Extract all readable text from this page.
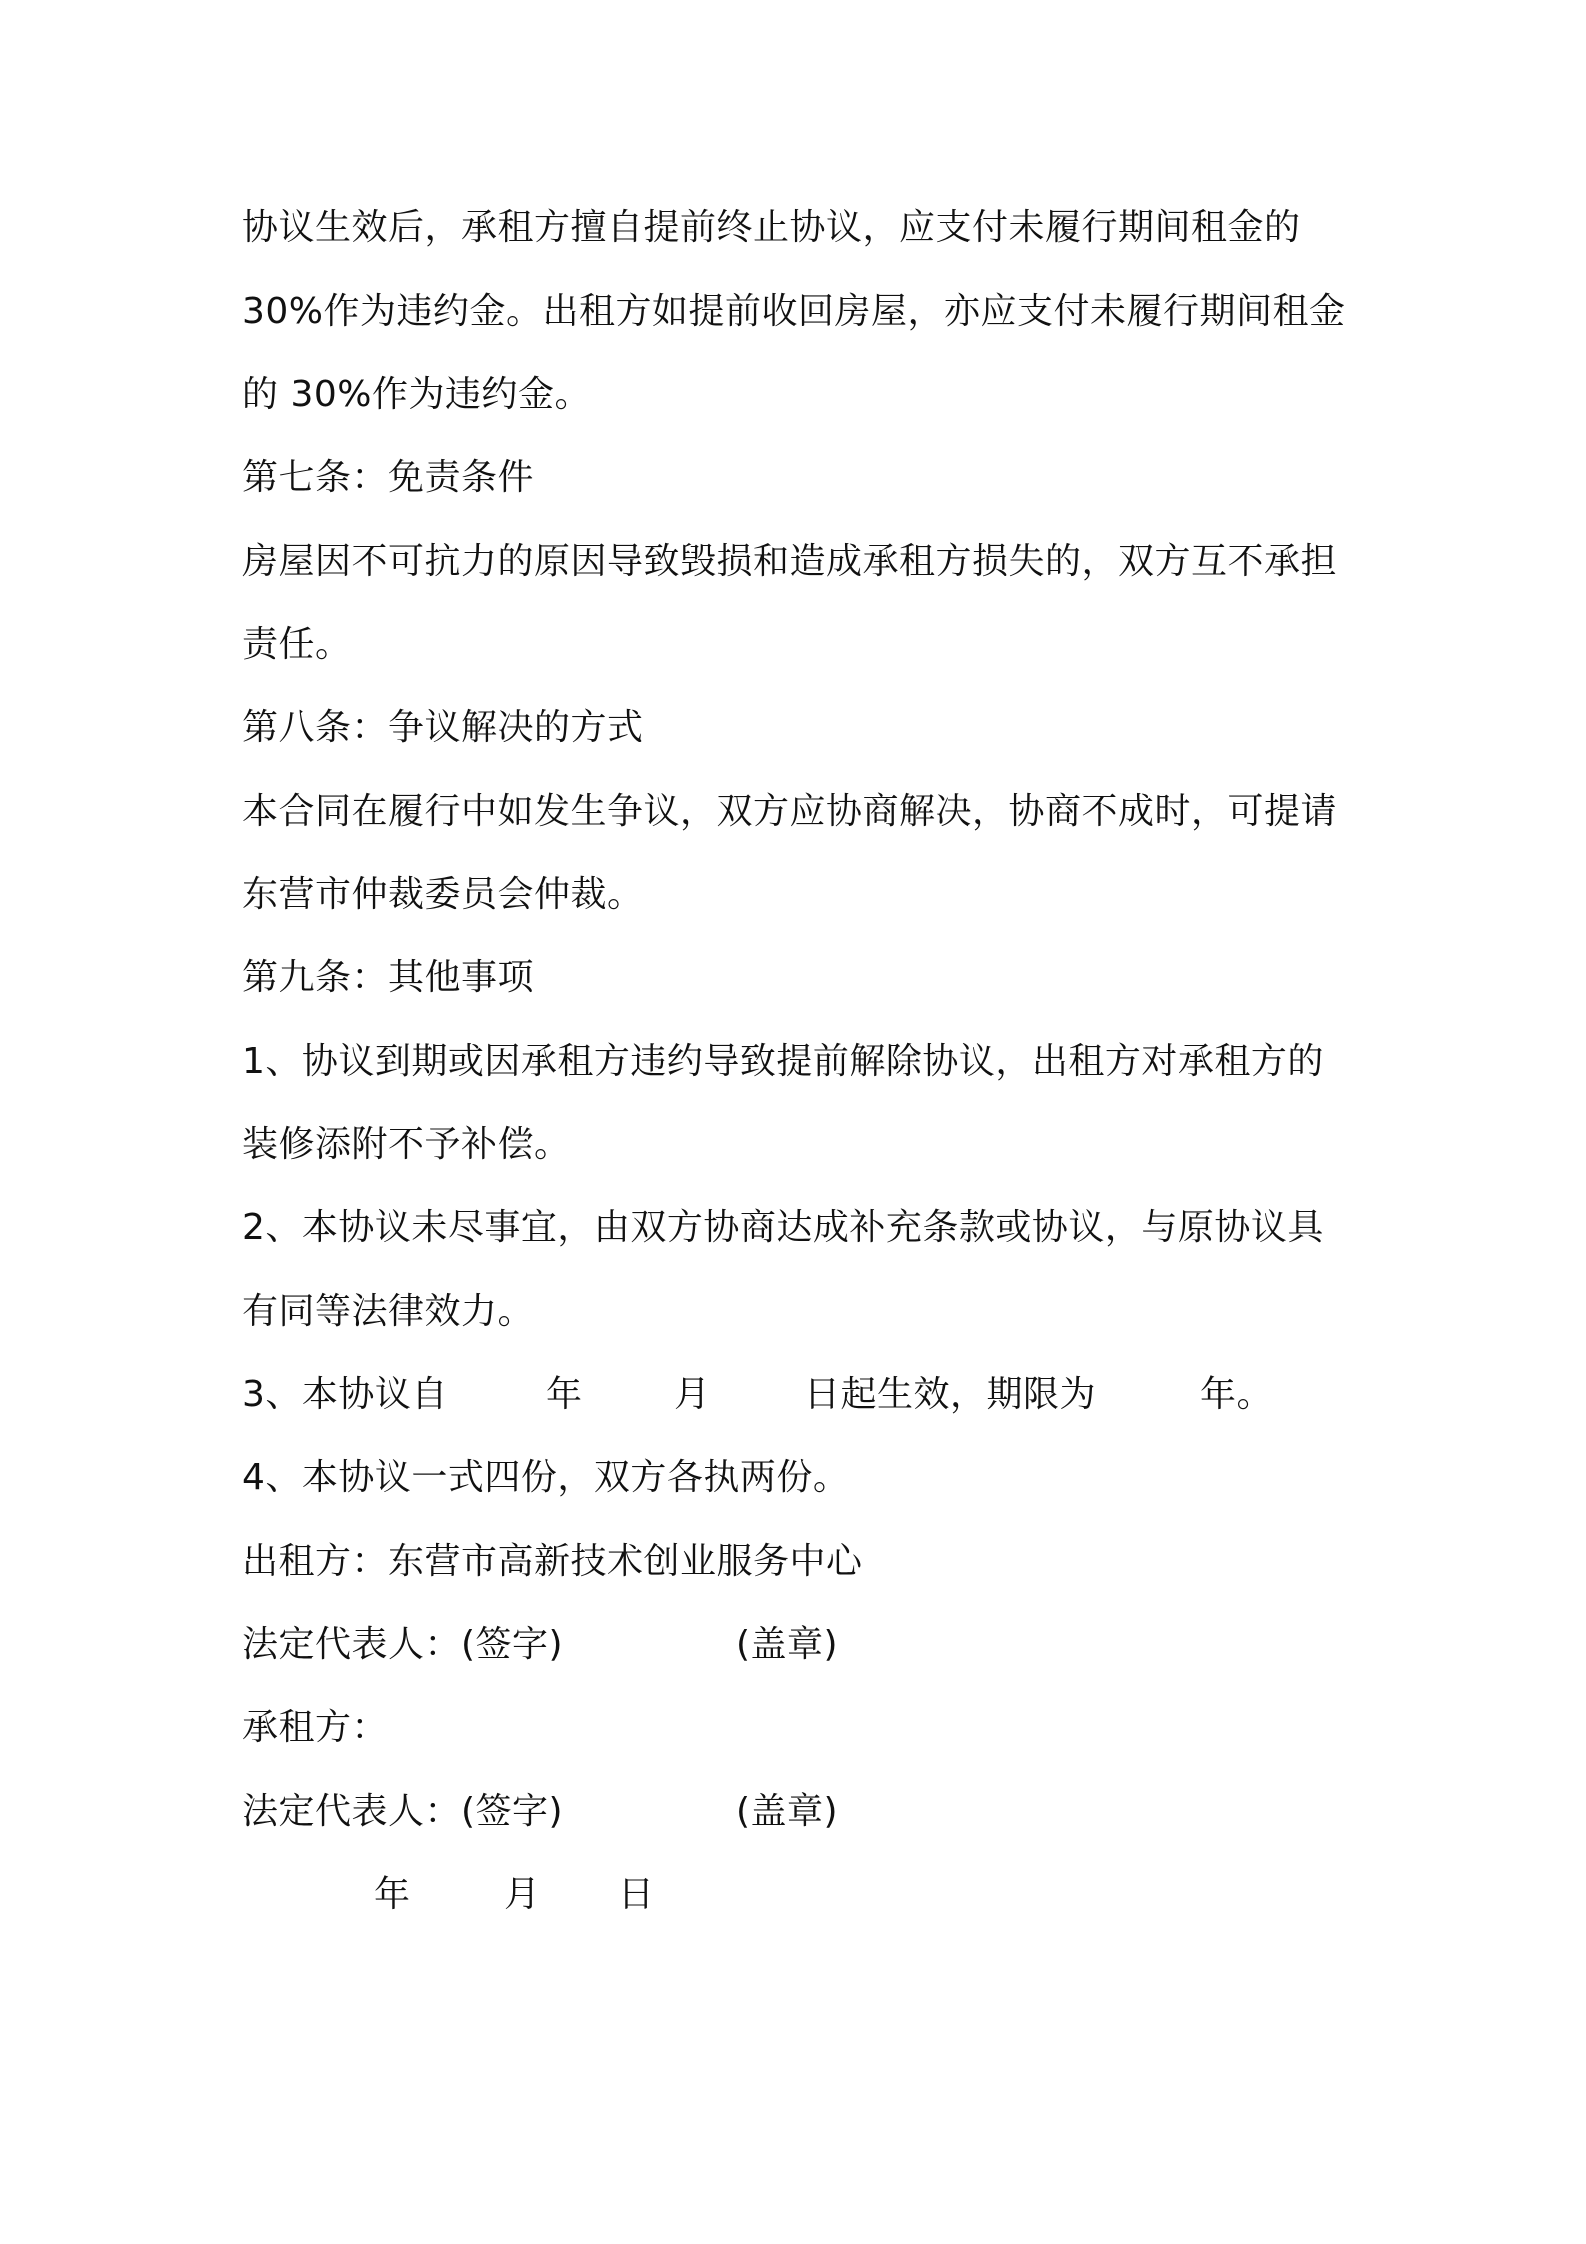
协议生效后，承租方擅自提前终止协议，应支付未履行期间租金的
30%作为违约金。出租方如提前收回房屋，亦应支付未履行期间租金
的 30%作为违约金。
第七条：免责条件
房屋因不可抗力的原因导致毁损和造成承租方损失的，双方互不承担
责任。
第八条：争议解决的方式
本合同在履行中如发生争议，双方应协商解决，协商不成时，可提请
东营市仲裁委员会仲裁。
第九条：其他事项
1、协议到期或因承租方违约导致提前解除协议，出租方对承租方的
装修添附不予补偿。
2、本协议未尽事宜，由双方协商达成补充条款或协议，与原协议具
有同等法律效力。
3、本协议自	年	月	日起生效，期限为	年。
4、本协议一式四份，双方各执两份。
出租方：东营市高新技术创业服务中心
法定代表人：(签字)	(盖章)
承租方：
法定代表人：(签字)	(盖章)
年	月 日
